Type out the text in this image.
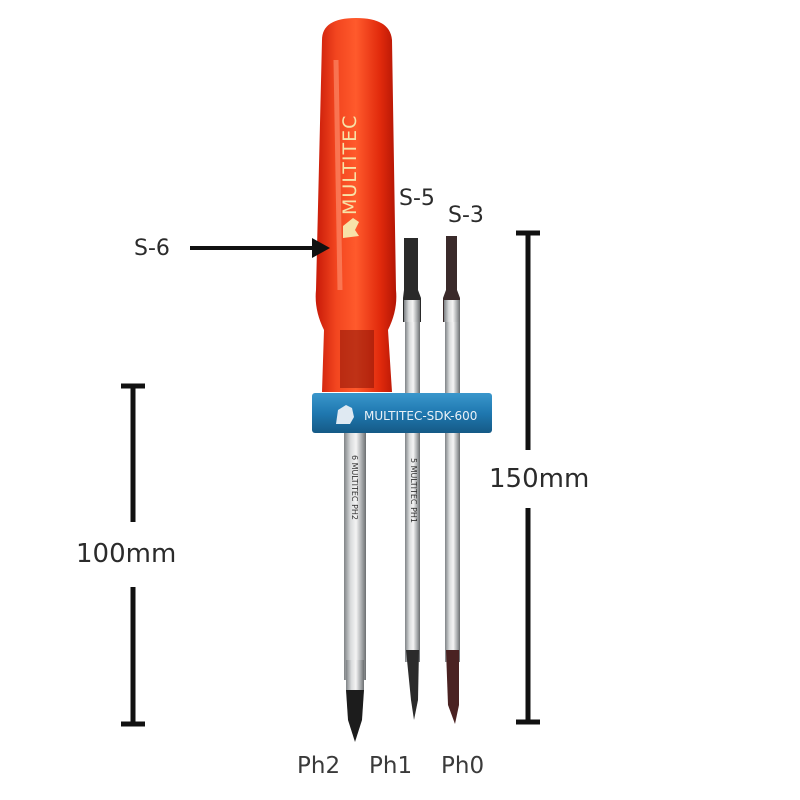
MULTITEC
MULTITEC-SDK-600
6 MULTITEC PH2	5 MULTITEC PH1
S-6
S-5
S-3
100mm
150mm
Ph2 Ph1 Ph0
